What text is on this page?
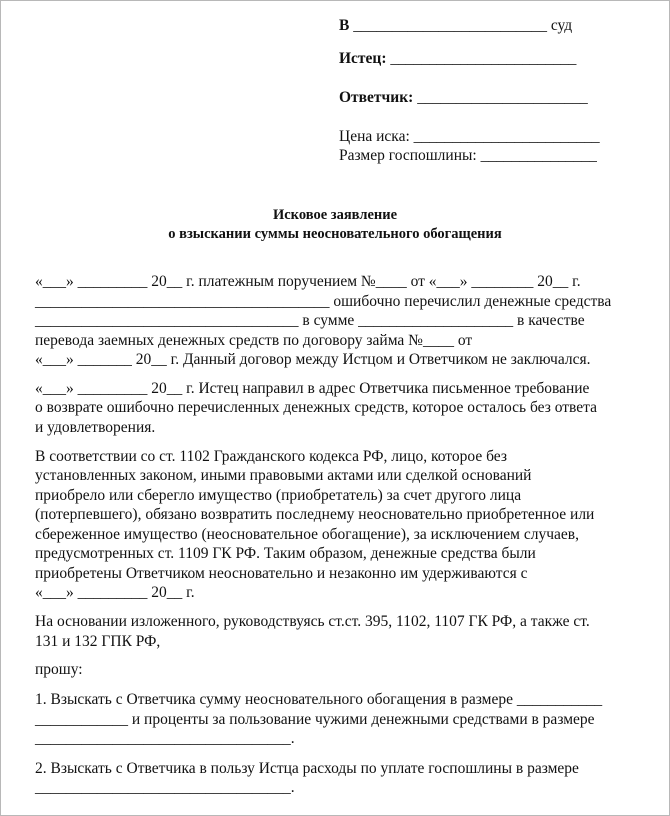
В _________________________ суд
Истец: ________________________
Ответчик: ______________________
Цена иска: ________________________
Размер госпошлины: _______________
Исковое заявление
о взыскании суммы неосновательного обогащения
«___» _________ 20__ г. платежным поручением №____ от «___» ________ 20__ г.
______________________________________ ошибочно перечислил денежные средства
__________________________________ в сумме ____________________ в качестве
перевода заемных денежных средств по договору займа №____ от
«___» _______ 20__ г. Данный договор между Истцом и Ответчиком не заключался.
«___» _________ 20__ г. Истец направил в адрес Ответчика письменное требование
о возврате ошибочно перечисленных денежных средств, которое осталось без ответа
и удовлетворения.
В соответствии со ст. 1102 Гражданского кодекса РФ, лицо, которое без
установленных законом, иными правовыми актами или сделкой оснований
приобрело или сберегло имущество (приобретатель) за счет другого лица
(потерпевшего), обязано возвратить последнему неосновательно приобретенное или
сбереженное имущество (неосновательное обогащение), за исключением случаев,
предусмотренных ст. 1109 ГК РФ. Таким образом, денежные средства были
приобретены Ответчиком неосновательно и незаконно им удерживаются с
«___» _________ 20__ г.
На основании изложенного, руководствуясь ст.ст. 395, 1102, 1107 ГК РФ, а также ст.
131 и 132 ГПК РФ,
прошу:
1. Взыскать с Ответчика сумму неосновательного обогащения в размере ___________
____________ и проценты за пользование чужими денежными средствами в размере
_________________________________.
2. Взыскать с Ответчика в пользу Истца расходы по уплате госпошлины в размере
_________________________________.
